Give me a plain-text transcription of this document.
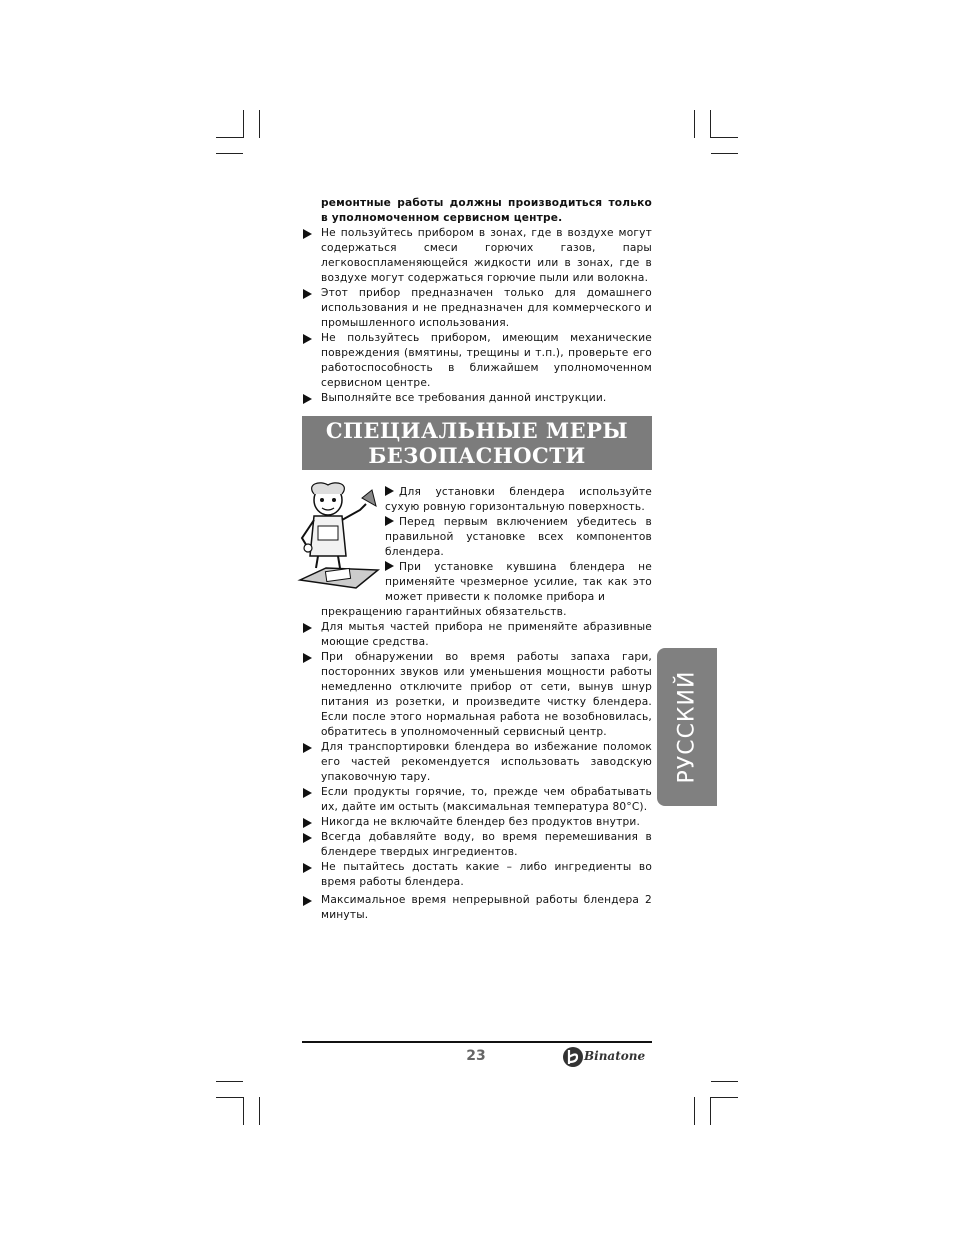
ремонтные работы должны производиться только в уполномоченном сервисном центре.

Не пользуйтесь прибором в зонах, где в воздухе могут содержаться смеси горючих газов, пары легковоспламеняющейся жидкости или в зонах, где в воздухе могут содержаться горючие пыли или волокна.

Этот прибор предназначен только для домашнего использования и не предназначен для коммерческого и промышленного использования.

Не пользуйтесь прибором, имеющим механические повреждения (вмятины, трещины и т.п.), проверьте его работоспособность в ближайшем уполномоченном сервисном центре.

Выполняйте все требования данной инструкции.

СПЕЦИАЛЬНЫЕ МЕРЫ
БЕЗОПАСНОСТИ

Для установки блендера используйте сухую ровную горизонтальную поверхность.

Перед первым включением убедитесь в правильной установке всех компонентов блендера.

При установке кувшина блендера не применяйте чрезмерное усилие, так как это может привести к поломке прибора и

прекращению гарантийных обязательств.

Для мытья частей прибора не применяйте абразивные моющие средства.

При обнаружении во время работы запаха гари, посторонних звуков или уменьшения мощности работы немедленно отключите прибор от сети, вынув шнур питания из розетки, и произведите чистку блендера. Если после этого нормальная работа не возобновилась, обратитесь в уполномоченный сервисный центр.

Для транспортировки блендера во избежание поломок его частей рекомендуется использовать заводскую упаковочную тару.

Если продукты горячие, то, прежде чем обрабатывать их, дайте им остыть (максимальная температура 80°С).

Никогда не включайте блендер без продуктов внутри.

Всегда добавляйте воду, во время перемешивания в блендере твердых ингредиентов.

Не пытайтесь достать какие – либо ингредиенты во время работы блендера.

Максимальное время непрерывной работы блендера 2 минуты.

РУССКИЙ
23	Binatone
